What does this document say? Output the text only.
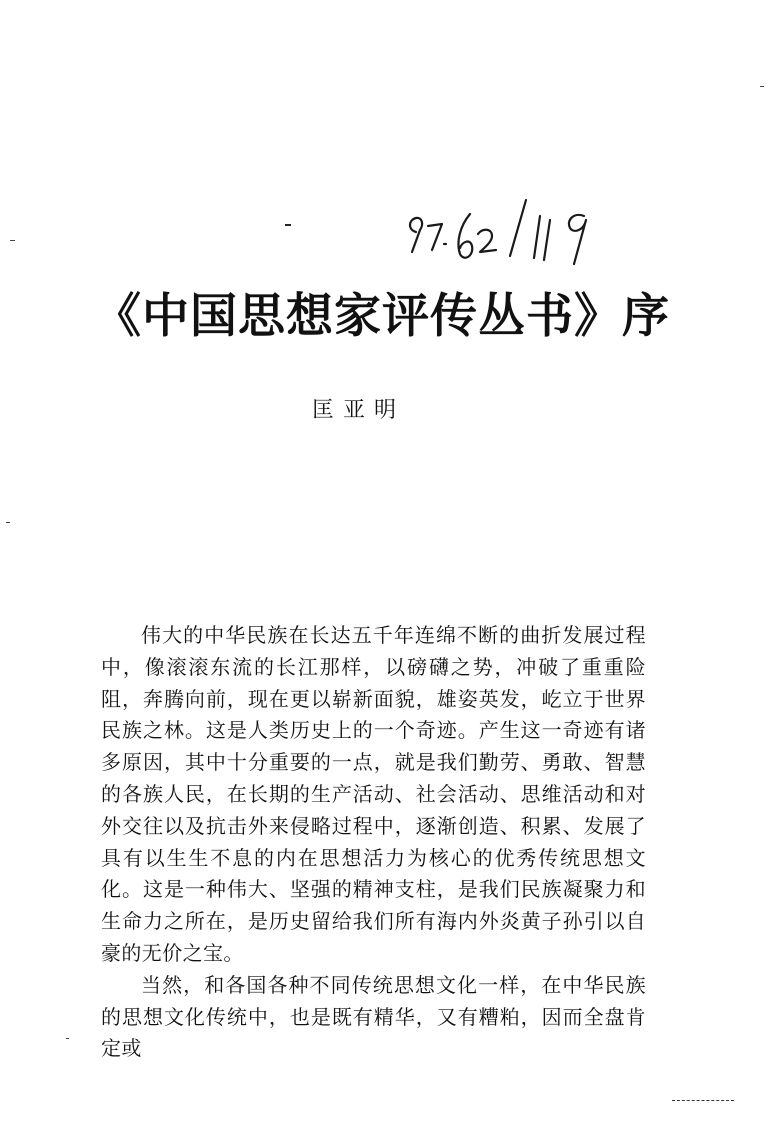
《中国思想家评传丛书》序
匡亚明

伟大的中华民族在长达五千年连绵不断的曲折发展过程中，像滚滚东流的长江那样，以磅礴之势，冲破了重重险阻，奔腾向前，现在更以崭新面貌，雄姿英发，屹立于世界民族之林。这是人类历史上的一个奇迹。产生这一奇迹有诸多原因，其中十分重要的一点，就是我们勤劳、勇敢、智慧的各族人民，在长期的生产活动、社会活动、思维活动和对外交往以及抗击外来侵略过程中，逐渐创造、积累、发展了具有以生生不息的内在思想活力为核心的优秀传统思想文化。这是一种伟大、坚强的精神支柱，是我们民族凝聚力和生命力之所在，是历史留给我们所有海内外炎黄子孙引以自豪的无价之宝。

当然，和各国各种不同传统思想文化一样，在中华民族的思想文化传统中，也是既有精华，又有糟粕，因而全盘肯定或
